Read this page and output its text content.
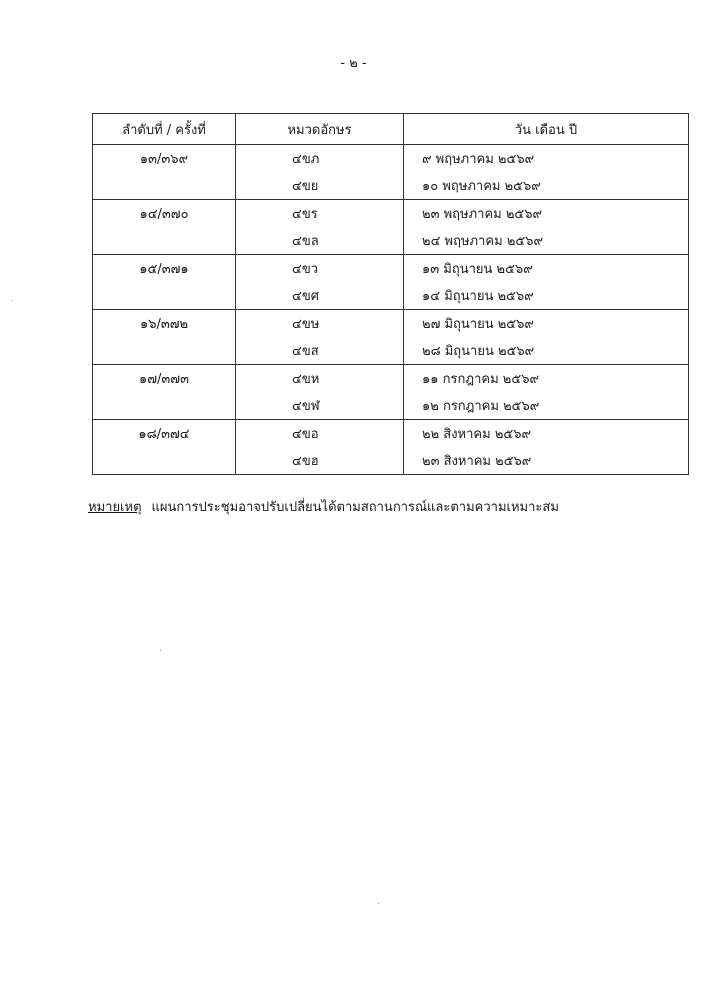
- ๒ -
ลำดับที่ / ครั้งที่	หมวดอักษร	วัน เดือน ปี
๑๓/๓๖๙	๔ขภ	๙ พฤษภาคม ๒๕๖๙
	๔ขย	๑๐ พฤษภาคม ๒๕๖๙
๑๔/๓๗๐	๔ขร	๒๓ พฤษภาคม ๒๕๖๙
	๔ขล	๒๔ พฤษภาคม ๒๕๖๙
๑๕/๓๗๑	๔ขว	๑๓ มิถุนายน ๒๕๖๙
	๔ขศ	๑๔ มิถุนายน ๒๕๖๙
๑๖/๓๗๒	๔ขษ	๒๗ มิถุนายน ๒๕๖๙
	๔ขส	๒๘ มิถุนายน ๒๕๖๙
๑๗/๓๗๓	๔ขห	๑๑ กรกฎาคม ๒๕๖๙
	๔ขฬ	๑๒ กรกฎาคม ๒๕๖๙
๑๘/๓๗๔	๔ขอ	๒๒ สิงหาคม ๒๕๖๙
	๔ขฮ	๒๓ สิงหาคม ๒๕๖๙
หมายเหตุ แผนการประชุมอาจปรับเปลี่ยนได้ตามสถานการณ์และตามความเหมาะสม
